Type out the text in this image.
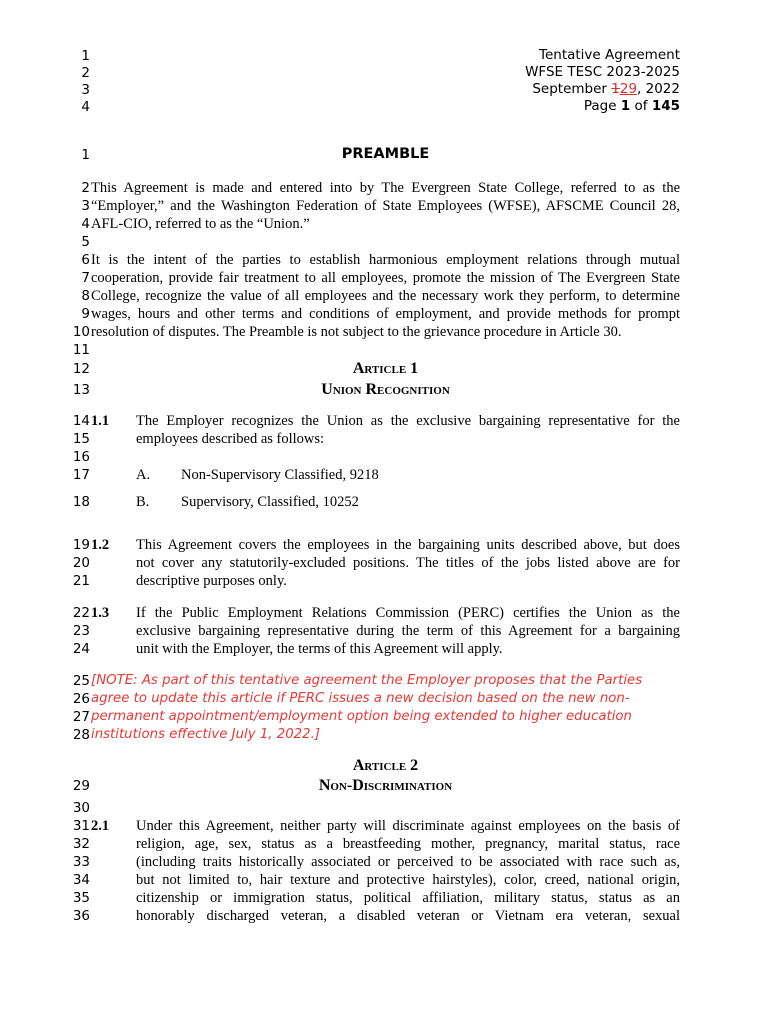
Tentative Agreement
WFSE TESC 2023-2025
September 129, 2022
Page 1 of 145
1
2
3
4
1
2
3
4
5
6
7
8
9
10
11
12
13
14
15
16
17
18
19
20
21
22
23
24
25
26
27
28
29
30
31
32
33
34
35
36
PREAMBLE
This Agreement is made and entered into by The Evergreen State College, referred to as the
“Employer,” and the Washington Federation of State Employees (WFSE), AFSCME Council 28,
AFL-CIO, referred to as the “Union.”
It is the intent of the parties to establish harmonious employment relations through mutual
cooperation, provide fair treatment to all employees, promote the mission of The Evergreen State
College, recognize the value of all employees and the necessary work they perform, to determine
wages, hours and other terms and conditions of employment, and provide methods for prompt
resolution of disputes. The Preamble is not subject to the grievance procedure in Article 30.
Article 1
Union Recognition
1.1 The Employer recognizes the Union as the exclusive bargaining representative for the
employees described as follows:
A. Non-Supervisory Classified, 9218
B. Supervisory, Classified, 10252
1.2 This Agreement covers the employees in the bargaining units described above, but does
not cover any statutorily-excluded positions. The titles of the jobs listed above are for
descriptive purposes only.
1.3 If the Public Employment Relations Commission (PERC) certifies the Union as the
exclusive bargaining representative during the term of this Agreement for a bargaining
unit with the Employer, the terms of this Agreement will apply.
[NOTE: As part of this tentative agreement the Employer proposes that the Parties
agree to update this article if PERC issues a new decision based on the new non-
permanent appointment/employment option being extended to higher education
institutions effective July 1, 2022.]
Article 2
Non-Discrimination
2.1 Under this Agreement, neither party will discriminate against employees on the basis of
religion, age, sex, status as a breastfeeding mother, pregnancy, marital status, race
(including traits historically associated or perceived to be associated with race such as,
but not limited to, hair texture and protective hairstyles), color, creed, national origin,
citizenship or immigration status, political affiliation, military status, status as an
honorably discharged veteran, a disabled veteran or Vietnam era veteran, sexual
